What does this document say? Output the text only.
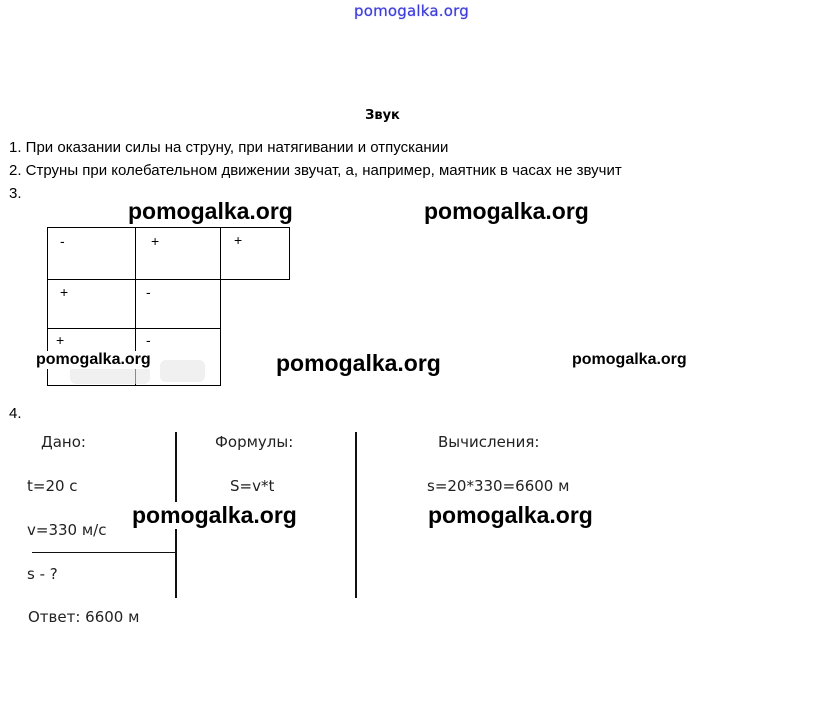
pomogalka.org
Звук
1. При оказании силы на струну, при натягивании и отпускании
2. Струны при колебательном движении звучат, а, например, маятник в часах не звучит
3.
pomogalka.org	pomogalka.org
-	+	+
+	-
+	-
pomogalka.org	pomogalka.org	pomogalka.org
4.
Дано:	Формулы:	Вычисления:
t=20 с	S=v*t	s=20*330=6600 м
v=330 м/с
s - ?
Ответ: 6600 м
pomogalka.org	pomogalka.org
